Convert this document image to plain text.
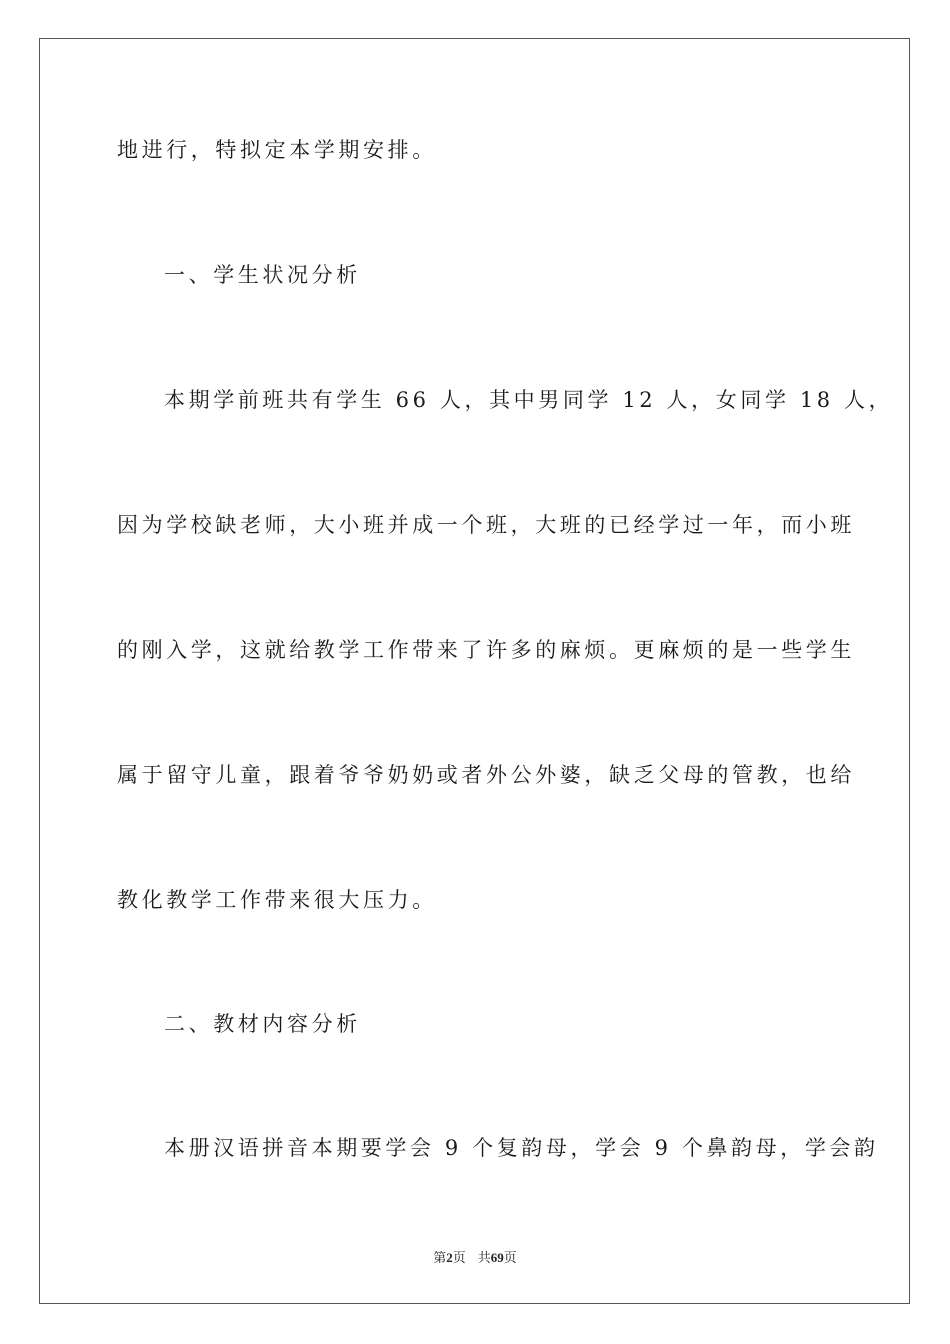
地进行，特拟定本学期安排。
一、学生状况分析
本期学前班共有学生 66 人，其中男同学 12 人，女同学 18 人，
因为学校缺老师，大小班并成一个班，大班的已经学过一年，而小班
的刚入学，这就给教学工作带来了许多的麻烦。更麻烦的是一些学生
属于留守儿童，跟着爷爷奶奶或者外公外婆，缺乏父母的管教，也给
教化教学工作带来很大压力。
二、教材内容分析
本册汉语拼音本期要学会 9 个复韵母，学会 9 个鼻韵母，学会韵
第2页 共69页
